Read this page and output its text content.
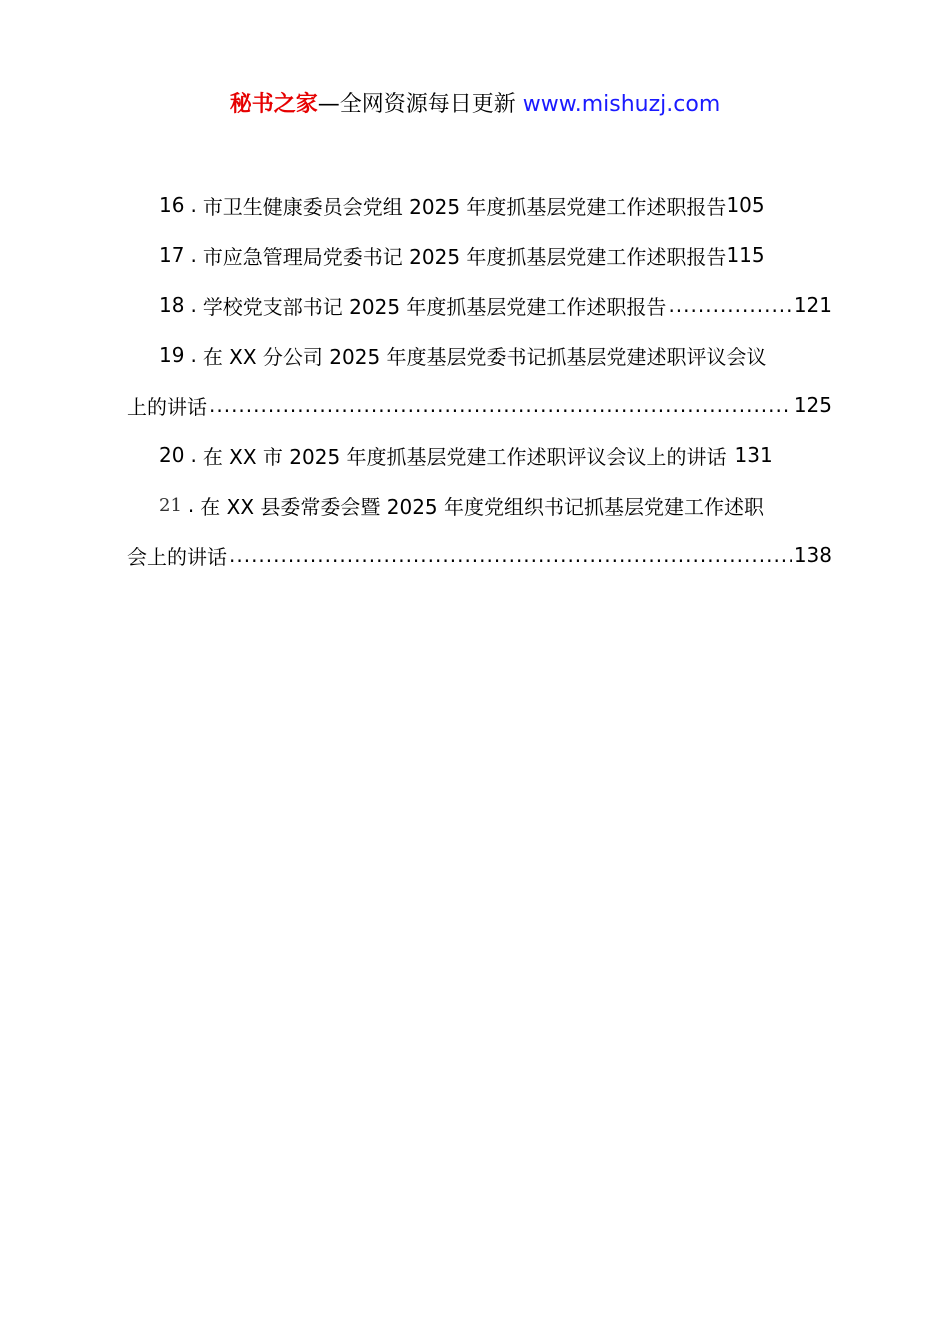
秘书之家—全网资源每日更新 www.mishuzj.com
16 . 市卫生健康委员会党组 2025 年度抓基层党建工作述职报告 105
17 . 市应急管理局党委书记 2025 年度抓基层党建工作述职报告 115
18 . 学校党支部书记 2025 年度抓基层党建工作述职报告 .....	121
19 . 在 XX 分公司 2025 年度基层党委书记抓基层党建述职评议会议
上的讲话 .....	125
20 . 在 XX 市 2025 年度抓基层党建工作述职评议会议上的讲话 131
21 . 在 XX 县委常委会暨 2025 年度党组织书记抓基层党建工作述职
会上的讲话 .....	138
